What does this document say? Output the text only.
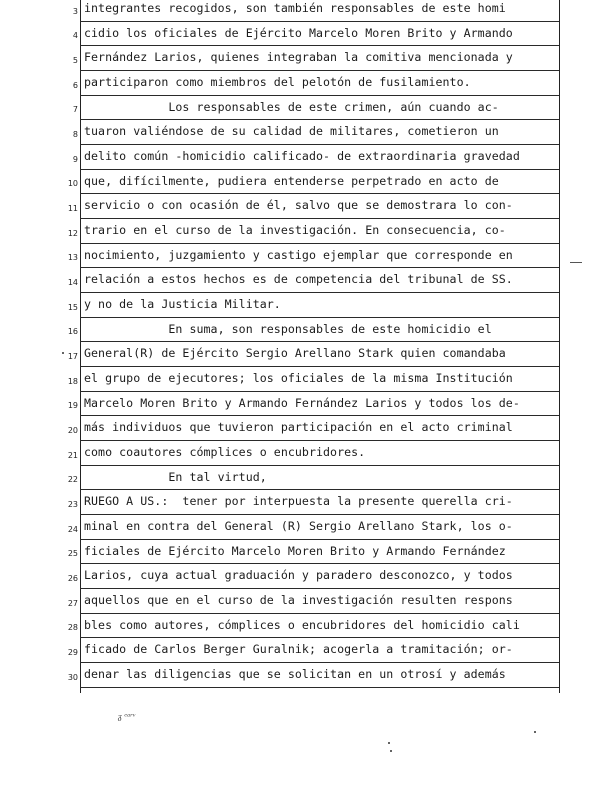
3 integrantes recogidos, son también responsables de este homi
4 cidio los oficiales de Ejército Marcelo Moren Brito y Armando
5 Fernández Larios, quienes integraban la comitiva mencionada y
6 participaron como miembros del pelotón de fusilamiento.
7 Los responsables de este crimen, aún cuando ac-
8 tuaron valiéndose de su calidad de militares, cometieron un
9 delito común -homicidio calificado- de extraordinaria gravedad
10 que, difícilmente, pudiera entenderse perpetrado en acto de
11 servicio o con ocasión de él, salvo que se demostrara lo con-
12 trario en el curso de la investigación. En consecuencia, co-
13 nocimiento, juzgamiento y castigo ejemplar que corresponde en
14 relación a estos hechos es de competencia del tribunal de SS.
15 y no de la Justicia Militar.
16 En suma, son responsables de este homicidio el
17 General(R) de Ejército Sergio Arellano Stark quien comandaba
18 el grupo de ejecutores; los oficiales de la misma Institución
19 Marcelo Moren Brito y Armando Fernández Larios y todos los de-
20 más individuos que tuvieron participación en el acto criminal
21 como coautores cómplices o encubridores.
22 En tal virtud,
23 RUEGO A US.:  tener por interpuesta la presente querella cri-
24 minal en contra del General (R) Sergio Arellano Stark, los o-
25 ficiales de Ejército Marcelo Moren Brito y Armando Fernández
26 Larios, cuya actual graduación y paradero desconozco, y todos
27 aquellos que en el curso de la investigación resulten respons
28 bles como autores, cómplices o encubridores del homicidio cali
29 ficado de Carlos Berger Guralnik; acogerla a tramitación; or-
30 denar las diligencias que se solicitan en un otrosí y además
ᵹ ᶜᵃʳᵛ
